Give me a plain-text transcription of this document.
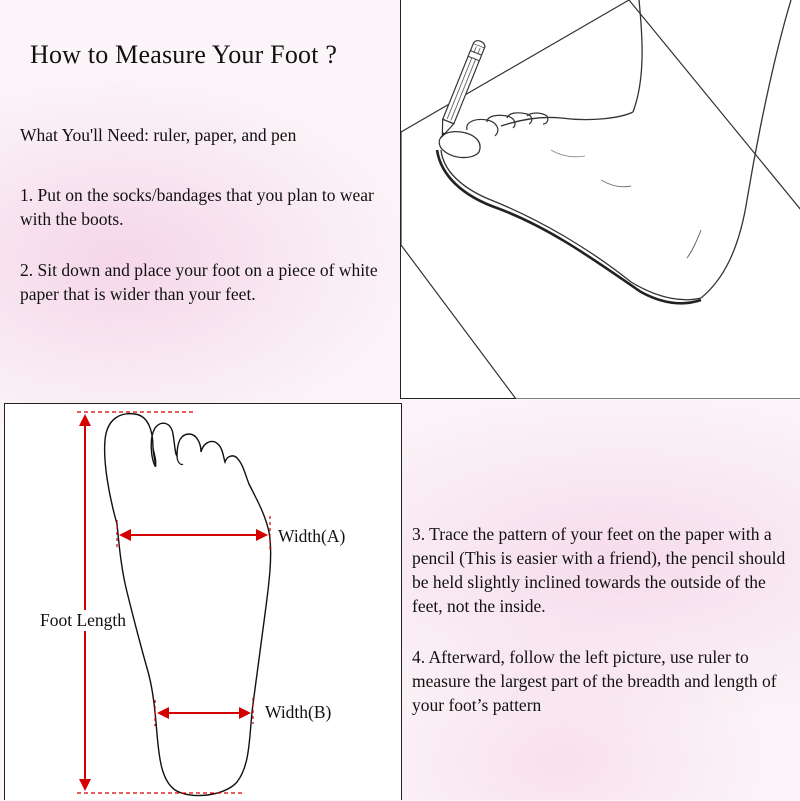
How to Measure Your Foot ?
What You'll Need: ruler, paper, and pen
1. Put on the socks/bandages that you plan to wear with the boots.
2. Sit down and place your foot on a piece of white paper that is wider than your feet.
Width(A)
Width(B)
Foot Length
3. Trace the pattern of your feet on the paper with a pencil (This is easier with a friend), the pencil should be held slightly inclined towards the outside of the feet, not the inside.
4. Afterward, follow the left picture, use ruler to measure the largest part of the breadth and length of your foot’s pattern
